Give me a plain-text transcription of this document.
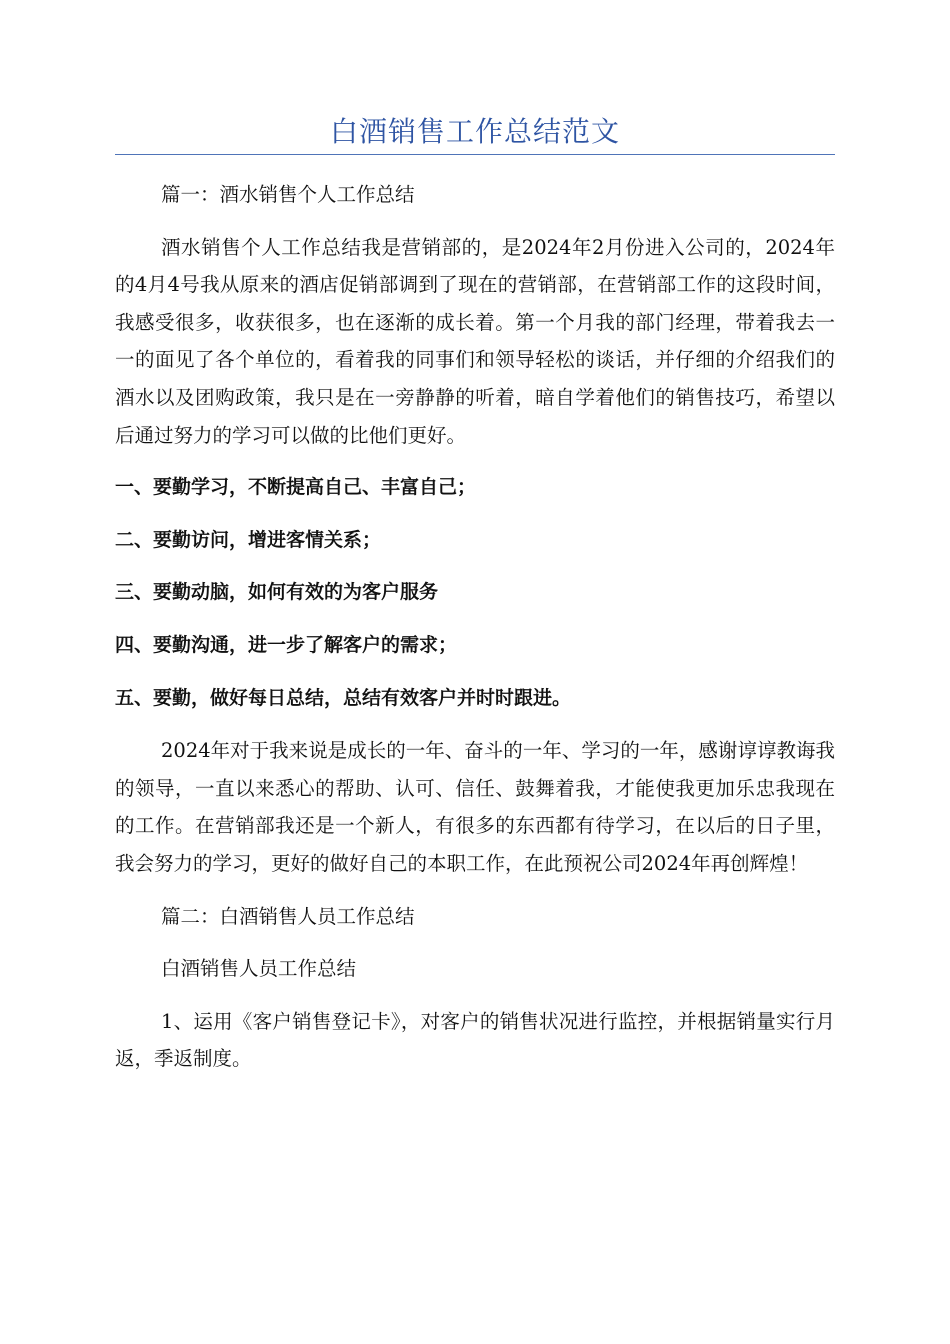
白酒销售工作总结范文

篇一：酒水销售个人工作总结

酒水销售个人工作总结我是营销部的，是2024年2月份进入公司的，2024年的4月4号我从原来的酒店促销部调到了现在的营销部，在营销部工作的这段时间，我感受很多，收获很多，也在逐渐的成长着。第一个月我的部门经理，带着我去一一的面见了各个单位的，看着我的同事们和领导轻松的谈话，并仔细的介绍我们的酒水以及团购政策，我只是在一旁静静的听着，暗自学着他们的销售技巧，希望以后通过努力的学习可以做的比他们更好。

一、要勤学习，不断提高自己、丰富自己；

二、要勤访问，增进客情关系；

三、要勤动脑，如何有效的为客户服务

四、要勤沟通，进一步了解客户的需求；

五、要勤，做好每日总结，总结有效客户并时时跟进。

2024年对于我来说是成长的一年、奋斗的一年、学习的一年，感谢谆谆教诲我的领导，一直以来悉心的帮助、认可、信任、鼓舞着我，才能使我更加乐忠我现在的工作。在营销部我还是一个新人，有很多的东西都有待学习，在以后的日子里，我会努力的学习，更好的做好自己的本职工作，在此预祝公司2024年再创辉煌！

篇二：白酒销售人员工作总结

白酒销售人员工作总结

1、运用《客户销售登记卡》，对客户的销售状况进行监控，并根据销量实行月返，季返制度。
